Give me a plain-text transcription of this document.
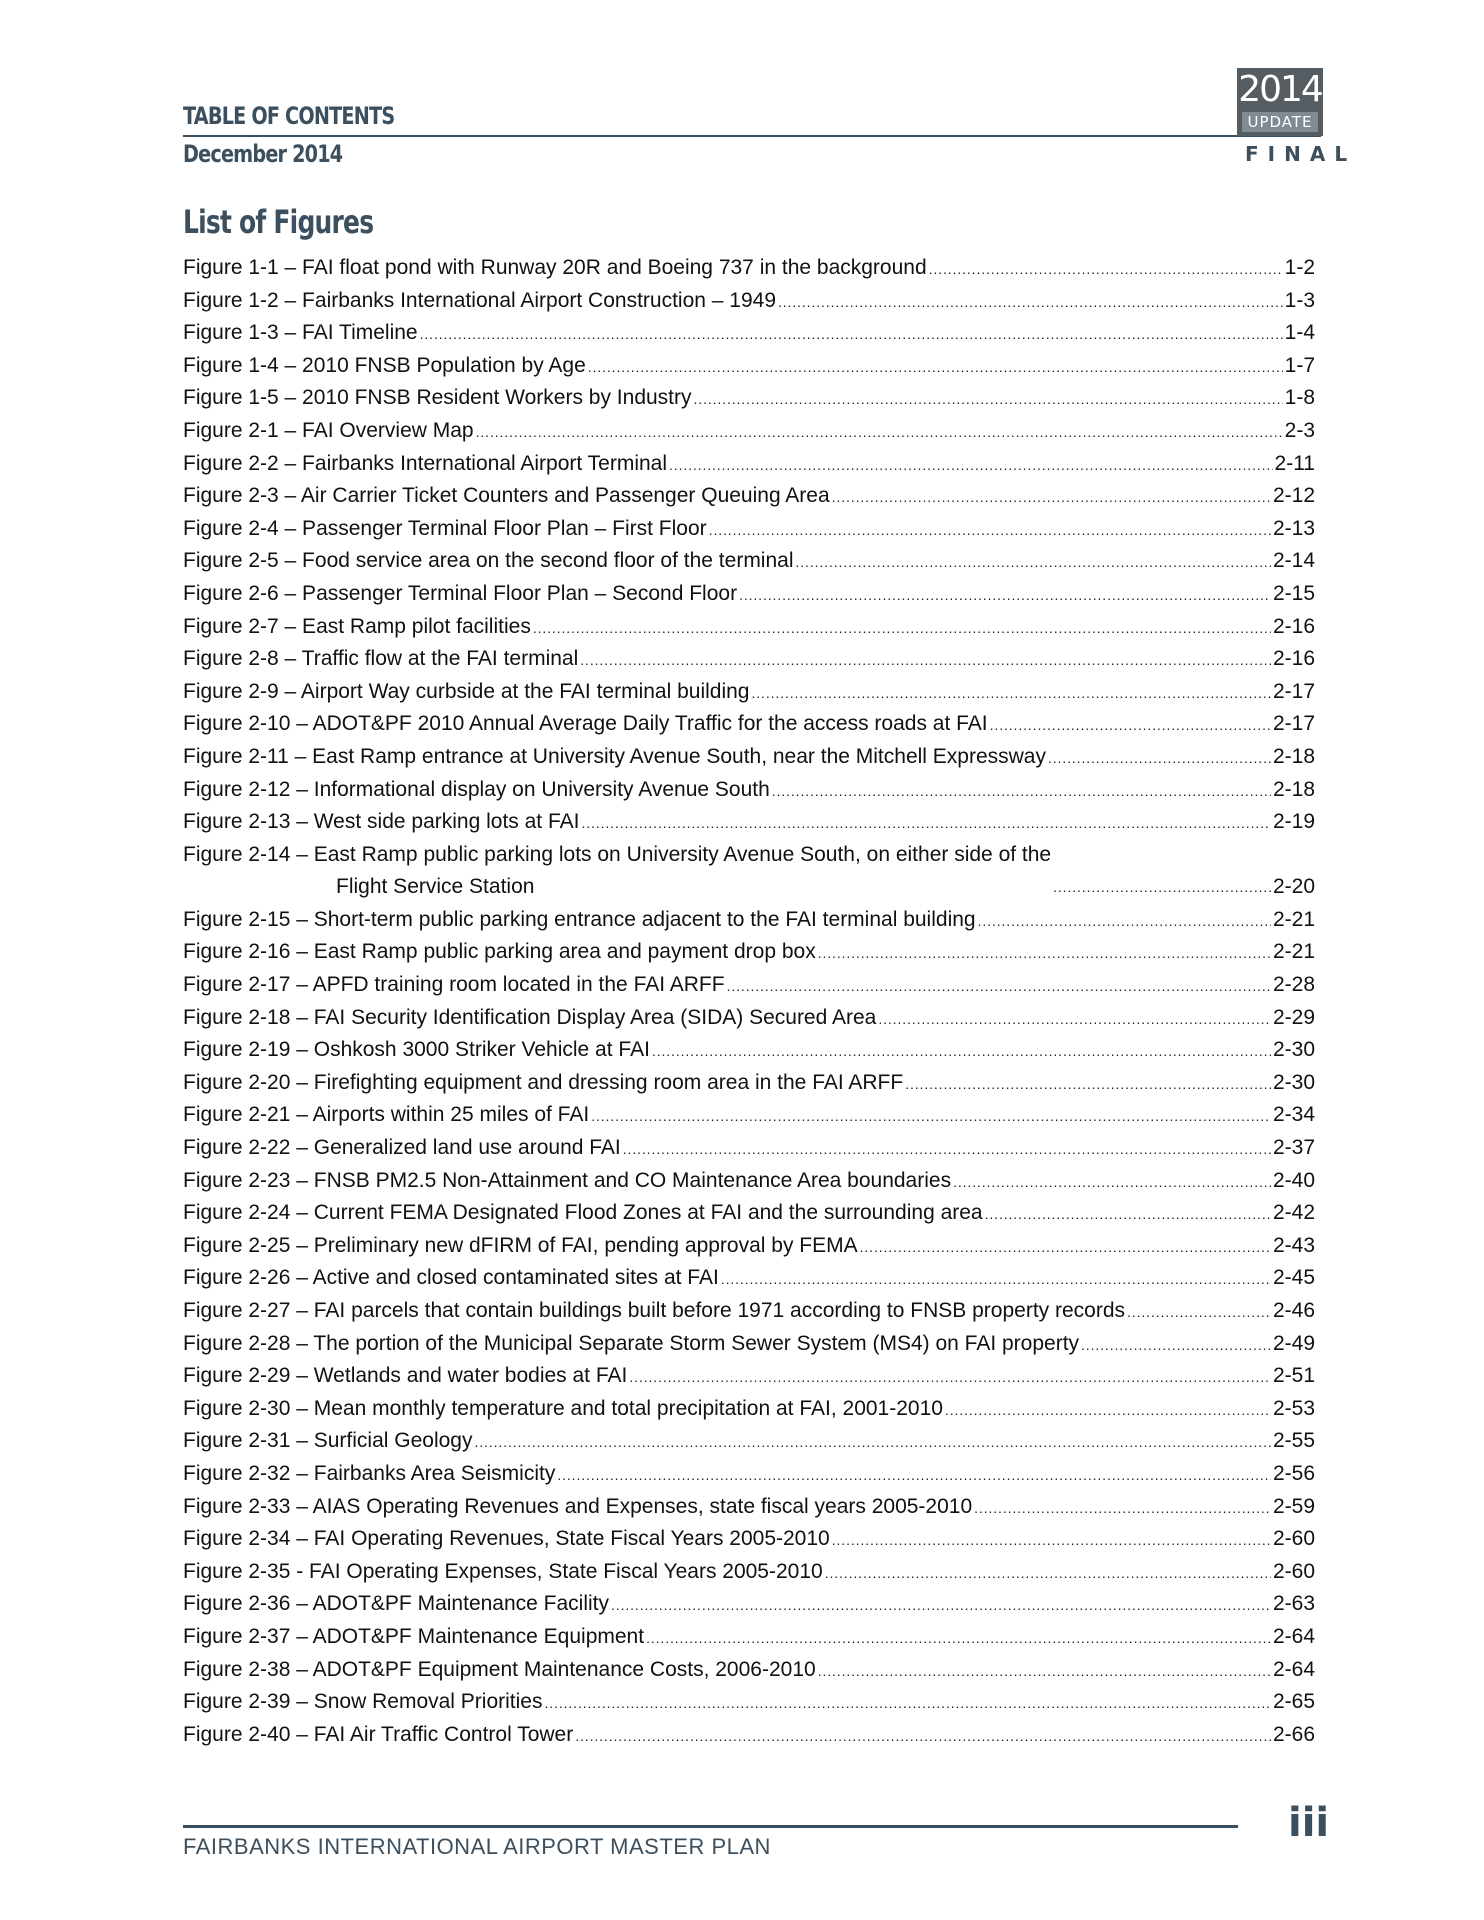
TABLE OF CONTENTS
December 2014
2014
UPDATE
FINAL
List of Figures
Figure 1-1 – FAI float pond with Runway 20R and Boeing 737 in the background . . .	1-2
Figure 1-2 – Fairbanks International Airport Construction – 1949 . . .	1-3
Figure 1-3 – FAI Timeline . . .	1-4
Figure 1-4 – 2010 FNSB Population by Age . . .	1-7
Figure 1-5 – 2010 FNSB Resident Workers by Industry . . .	1-8
Figure 2-1 – FAI Overview Map . . .	2-3
Figure 2-2 – Fairbanks International Airport Terminal . . .	2-11
Figure 2-3 – Air Carrier Ticket Counters and Passenger Queuing Area . . .	2-12
Figure 2-4 – Passenger Terminal Floor Plan – First Floor . . .	2-13
Figure 2-5 – Food service area on the second floor of the terminal . . .	2-14
Figure 2-6 – Passenger Terminal Floor Plan – Second Floor . . .	2-15
Figure 2-7 – East Ramp pilot facilities . . .	2-16
Figure 2-8 – Traffic flow at the FAI terminal . . .	2-16
Figure 2-9 – Airport Way curbside at the FAI terminal building . . .	2-17
Figure 2-10 – ADOT&PF 2010 Annual Average Daily Traffic for the access roads at FAI . . .	2-17
Figure 2-11 – East Ramp entrance at University Avenue South, near the Mitchell Expressway . . .	2-18
Figure 2-12 – Informational display on University Avenue South . . .	2-18
Figure 2-13 – West side parking lots at FAI . . .	2-19
Figure 2-14 – East Ramp public parking lots on University Avenue South, on either side of the
Flight Service Station . . .	2-20
Figure 2-15 – Short-term public parking entrance adjacent to the FAI terminal building . . .	2-21
Figure 2-16 – East Ramp public parking area and payment drop box . . .	2-21
Figure 2-17 – APFD training room located in the FAI ARFF . . .	2-28
Figure 2-18 – FAI Security Identification Display Area (SIDA) Secured Area . . .	2-29
Figure 2-19 – Oshkosh 3000 Striker Vehicle at FAI . . .	2-30
Figure 2-20 – Firefighting equipment and dressing room area in the FAI ARFF . . .	2-30
Figure 2-21 – Airports within 25 miles of FAI . . .	2-34
Figure 2-22 – Generalized land use around FAI . . .	2-37
Figure 2-23 – FNSB PM2.5 Non-Attainment and CO Maintenance Area boundaries . . .	2-40
Figure 2-24 – Current FEMA Designated Flood Zones at FAI and the surrounding area . . .	2-42
Figure 2-25 – Preliminary new dFIRM of FAI, pending approval by FEMA . . .	2-43
Figure 2-26 – Active and closed contaminated sites at FAI . . .	2-45
Figure 2-27 – FAI parcels that contain buildings built before 1971 according to FNSB property records . . .	2-46
Figure 2-28 – The portion of the Municipal Separate Storm Sewer System (MS4) on FAI property . . .	2-49
Figure 2-29 – Wetlands and water bodies at FAI . . .	2-51
Figure 2-30 – Mean monthly temperature and total precipitation at FAI, 2001-2010 . . .	2-53
Figure 2-31 – Surficial Geology . . .	2-55
Figure 2-32 – Fairbanks Area Seismicity . . .	2-56
Figure 2-33 – AIAS Operating Revenues and Expenses, state fiscal years 2005-2010 . . .	2-59
Figure 2-34 – FAI Operating Revenues, State Fiscal Years 2005-2010 . . .	2-60
Figure 2-35 - FAI Operating Expenses, State Fiscal Years 2005-2010 . . .	2-60
Figure 2-36 – ADOT&PF Maintenance Facility . . .	2-63
Figure 2-37 – ADOT&PF Maintenance Equipment . . .	2-64
Figure 2-38 – ADOT&PF Equipment Maintenance Costs, 2006-2010 . . .	2-64
Figure 2-39 – Snow Removal Priorities . . .	2-65
Figure 2-40 – FAI Air Traffic Control Tower . . .	2-66
FAIRBANKS INTERNATIONAL AIRPORT MASTER PLAN
iii
